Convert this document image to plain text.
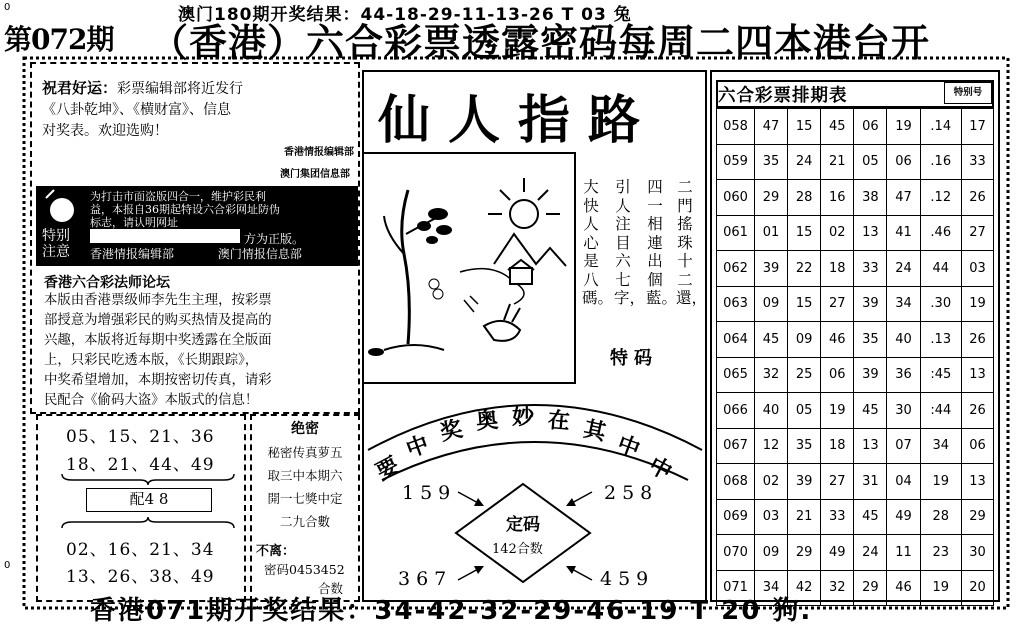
0
0
澳门180期开奖结果：44-18-29-11-13-26 T 03 兔
第072期 （香港）六合彩票透露密码每周二四本港台开
祝君好运：彩票编辑部将近发行
《八卦乾坤》、《横财富》、信息
对奖表。欢迎选购！
香港情报编辑部
澳门集团信息部
特别注意
为打击市面盗版四合一，维护彩民利
益，本报自36期起特设六合彩网址防伪
标志，请认明网址
方为正版。
香港情报编辑部	澳门情报信息部
香港六合彩法师论坛
本版由香港票级师李先生主理，按彩票
部授意为增强彩民的购买热情及提高的
兴趣，本版将近每期中奖透露在全版面
上，只彩民吃透本版，《长期跟踪》，
中奖希望增加，本期按密切传真，请彩
民配合《偷码大盗》本版式的信息！
05、15、21、36
18、21、44、49
配4 8
02、16、21、34
13、26、38、49
绝密
秘密传真萝五
取三中本期六
開一七獎中定
二九合數
不离：
密码0453452
合数
仙人指路
二門搖珠十二還，
四一相連出個藍。
引人注目六七字，
大快人心是八碼。
特码
要
中 奖 奥 妙 在 其 中
中
159	258
367	459
定码
142合数
六合彩票排期表	特别号
058	47	15	45	06	19	.14	17
059	35	24	21	05	06	.16	33
060	29	28	16	38	47	.12	26
061	01	15	02	13	41	.46	27
062	39	22	18	33	24	44	03
063	09	15	27	39	34	.30	19
064	45	09	46	35	40	.13	26
065	32	25	06	39	36	:45	13
066	40	05	19	45	30	:44	26
067	12	35	18	13	07	34	06
068	02	39	27	31	04	19	13
069	03	21	33	45	49	28	29
070	09	29	49	24	11	23	30
071	34	42	32	29	46	19	20
香港071期开奖结果：34-42-32-29-46-19 T 20 狗.
